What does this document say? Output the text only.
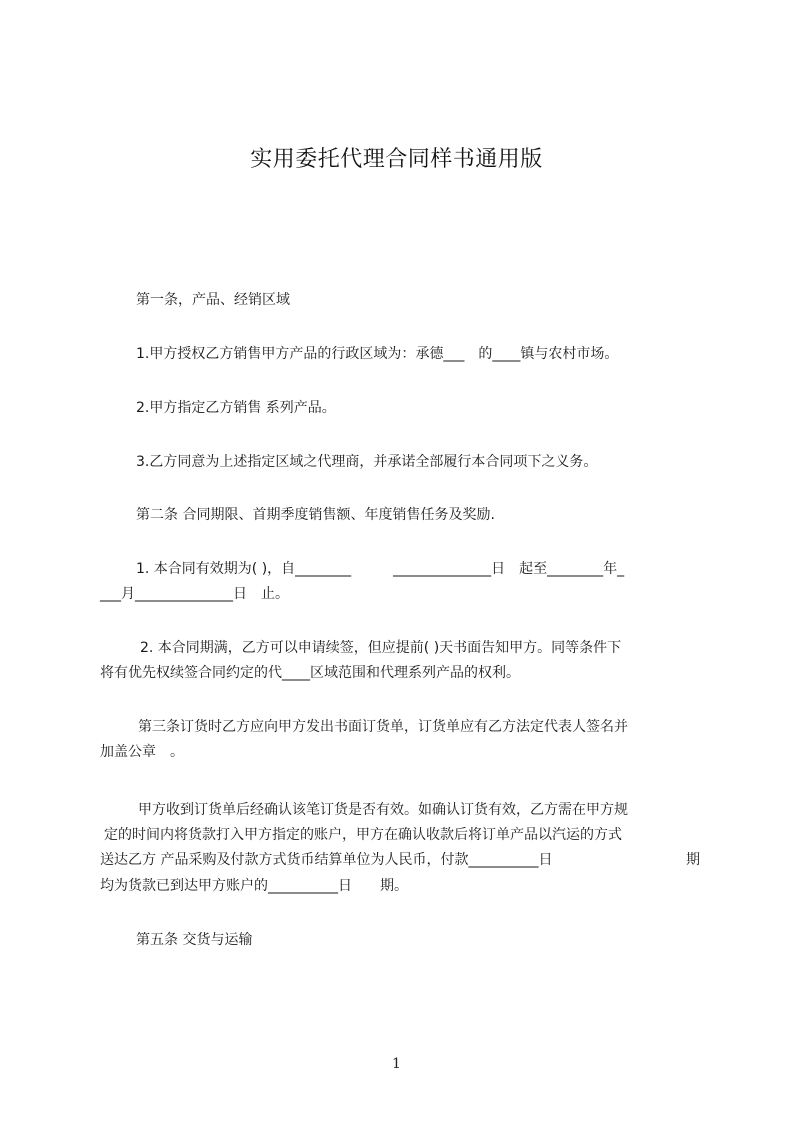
实用委托代理合同样书通用版
第一条，产品、经销区域
1.甲方授权乙方销售甲方产品的行政区域为：承德___　的____镇与农村市场。
2.甲方指定乙方销售 系列产品。
3.乙方同意为上述指定区域之代理商，并承诺全部履行本合同项下之义务。
第二条 合同期限、首期季度销售额、年度销售任务及奖励.
1. 本合同有效期为( )，自________　　　______________日　起至________年_
___月______________日　止。
2. 本合同期满，乙方可以申请续签，但应提前( )天书面告知甲方。同等条件下
将有优先权续签合同约定的代____区域范围和代理系列产品的权利。
第三条订货时乙方应向甲方发出书面订货单，订货单应有乙方法定代表人签名并
加盖公章　。
甲方收到订货单后经确认该笔订货是否有效。如确认订货有效，乙方需在甲方规
定的时间内将货款打入甲方指定的账户，甲方在确认收款后将订单产品以汽运的方式
送达乙方 产品采购及付款方式货币结算单位为人民币，付款__________日	期
均为货款已到达甲方账户的__________日　　期。
第五条 交货与运输
1
